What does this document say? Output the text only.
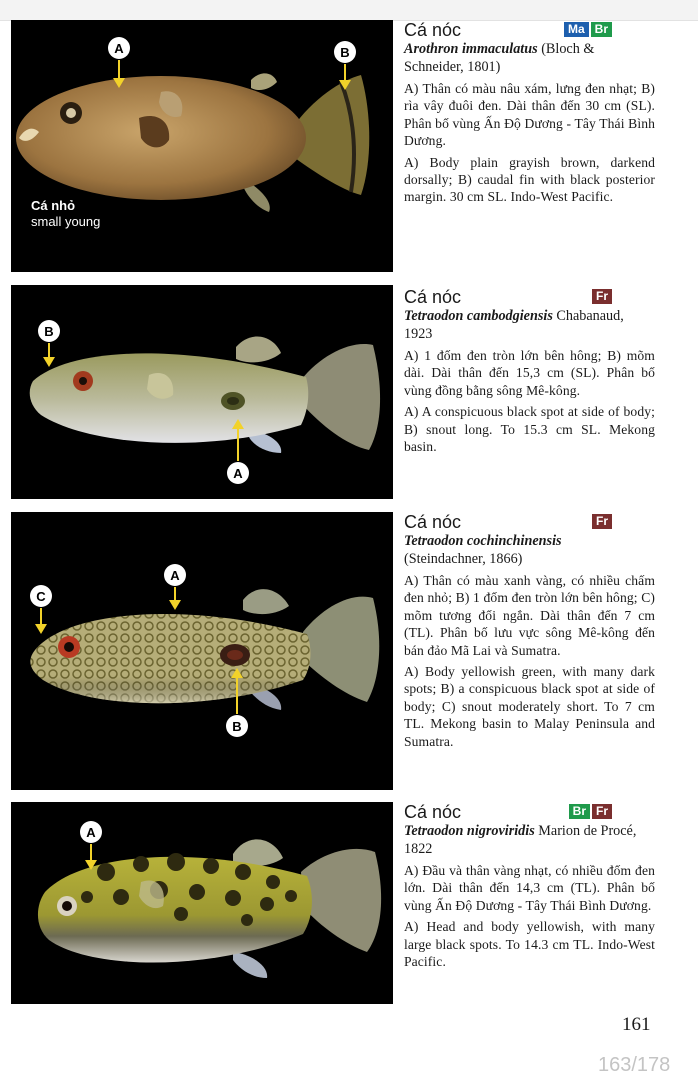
Cá nhỏ
small young
A	B

Cá nóc	Ma Br

Arothron immaculatus (Bloch & Schneider, 1801)

A) Thân có màu nâu xám, lưng đen nhạt; B) rìa vây đuôi đen. Dài thân đến 30 cm (SL). Phân bố vùng Ấn Độ Dương - Tây Thái Bình Dương.

A) Body plain grayish brown, darkend dorsally; B) caudal fin with black posterior margin. 30 cm SL. Indo-West Pacific.

B
A

Cá nóc	Fr

Tetraodon cambodgiensis Chabanaud, 1923

A) 1 đốm đen tròn lớn bên hông; B) mõm dài. Dài thân đến 15,3 cm (SL). Phân bố vùng đồng bằng sông Mê-kông.

A) A conspicuous black spot at side of body; B) snout long. To 15.3 cm SL. Mekong basin.

C
A
B

Cá nóc	Fr

Tetraodon cochinchinensis
(Steindachner, 1866)

A) Thân có màu xanh vàng, có nhiều chấm đen nhỏ; B) 1 đốm đen tròn lớn bên hông; C) mõm tương đối ngắn. Dài thân đến 7 cm (TL). Phân bố lưu vực sông Mê-kông đến bán đảo Mã Lai và Sumatra.

A) Body yellowish green, with many dark spots; B) a conspicuous black spot at side of body; C) snout moderately short. To 7 cm TL. Mekong basin to Malay Peninsula and Sumatra.

A

Cá nóc	Br Fr

Tetraodon nigroviridis Marion de Procé, 1822

A) Đầu và thân vàng nhạt, có nhiều đốm đen lớn. Dài thân đến 14,3 cm (TL). Phân bố vùng Ấn Độ Dương - Tây Thái Bình Dương.

A) Head and body yellowish, with many large black spots. To 14.3 cm TL. Indo-West Pacific.

161
163/178
